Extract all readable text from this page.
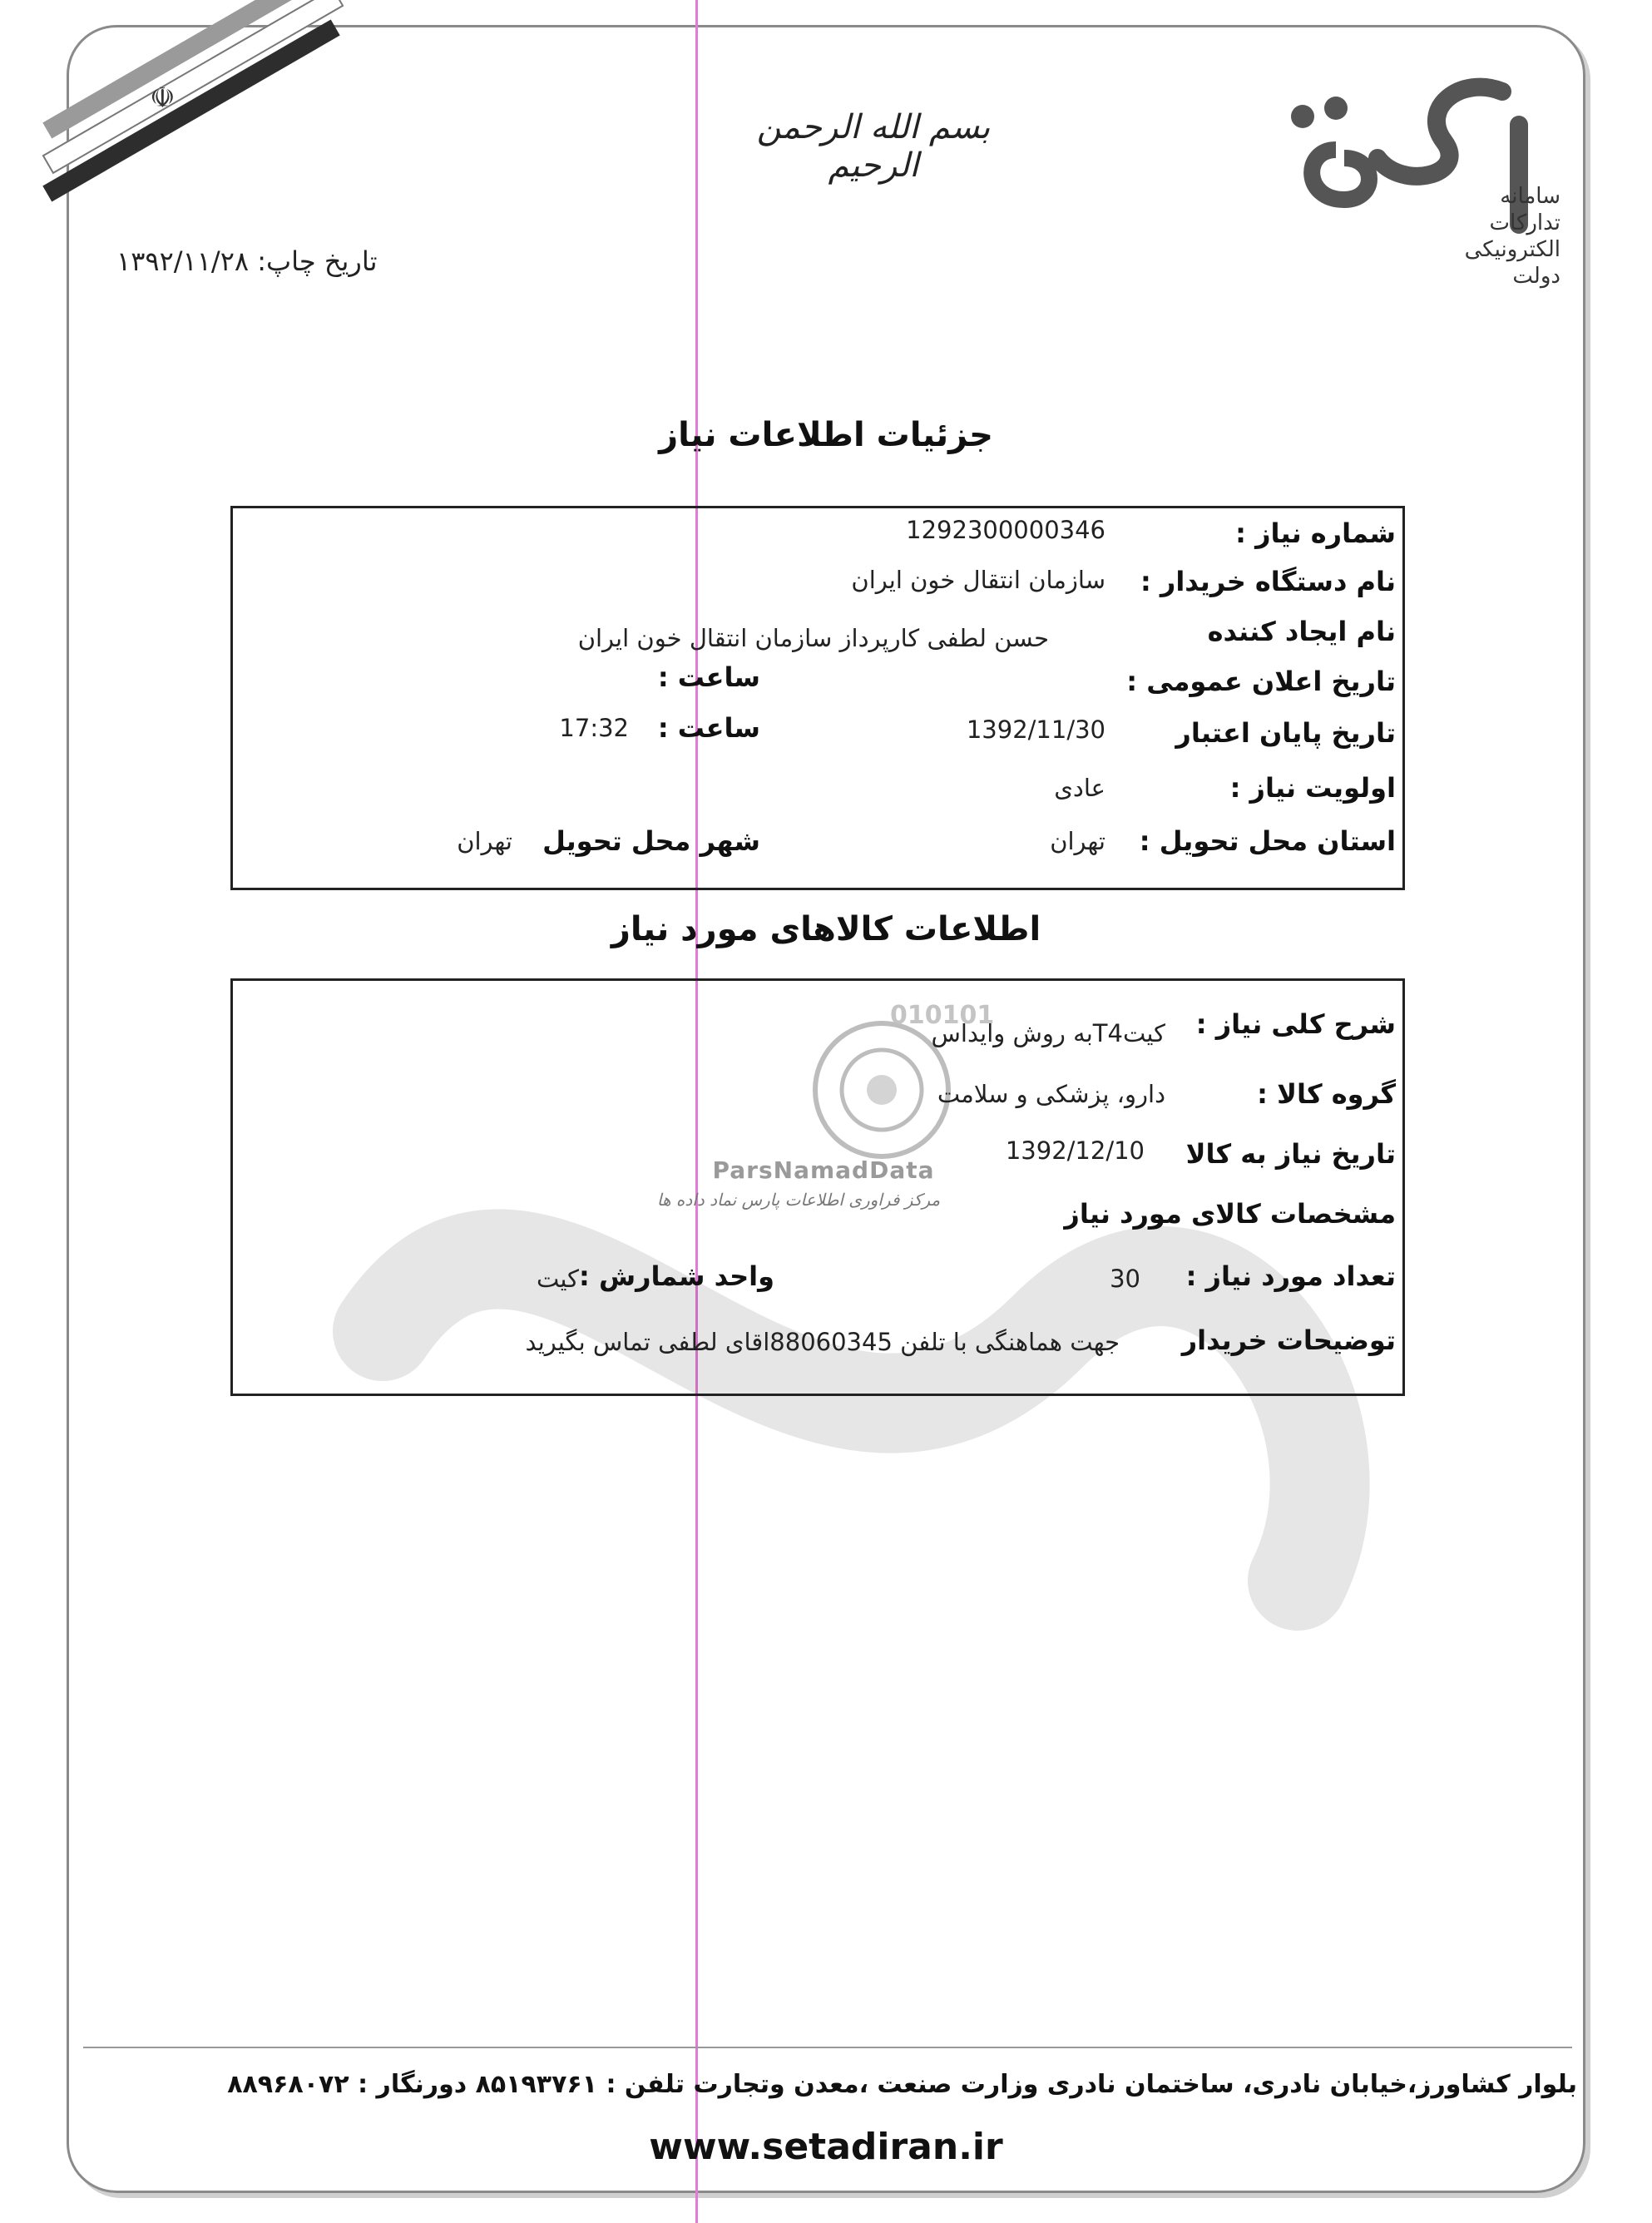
☫
سامانه
تدارکات
الکترونیکی
دولت
بسم الله الرحمن الرحیم
تاریخ چاپ: ۱۳۹۲/۱۱/۲۸
جزئیات اطلاعات نیاز
شماره نیاز :
1292300000346
نام دستگاه خریدار :
سازمان انتقال خون ایران
نام ایجاد کننده
حسن لطفی کارپرداز سازمان انتقال خون ایران
تاریخ اعلان عمومی :
ساعت :
تاریخ پایان اعتبار
1392/11/30
ساعت :
17:32
اولویت نیاز :
عادی
استان محل تحویل :
تهران
شهر محل تحویل
تهران
اطلاعات کالاهای مورد نیاز
010101
ParsNamadData
مرکز فراوری اطلاعات پارس نماد داده ها
شرح کلی نیاز :
کیتT4به روش وایداس
گروه کالا :
دارو، پزشکی و سلامت
تاریخ نیاز به کالا
1392/12/10
مشخصات کالای مورد نیاز
تعداد مورد نیاز :
30
واحد شمارش :
کیت
توضیحات خریدار
جهت هماهنگی با تلفن 88060345اقای لطفی تماس بگیرید
بلوار کشاورز،خیابان نادری، ساختمان نادری وزارت صنعت ،معدن وتجارت تلفن : ۸۵۱۹۳۷۶۱ دورنگار : ۸۸۹۶۸۰۷۲
www.setadiran.ir
